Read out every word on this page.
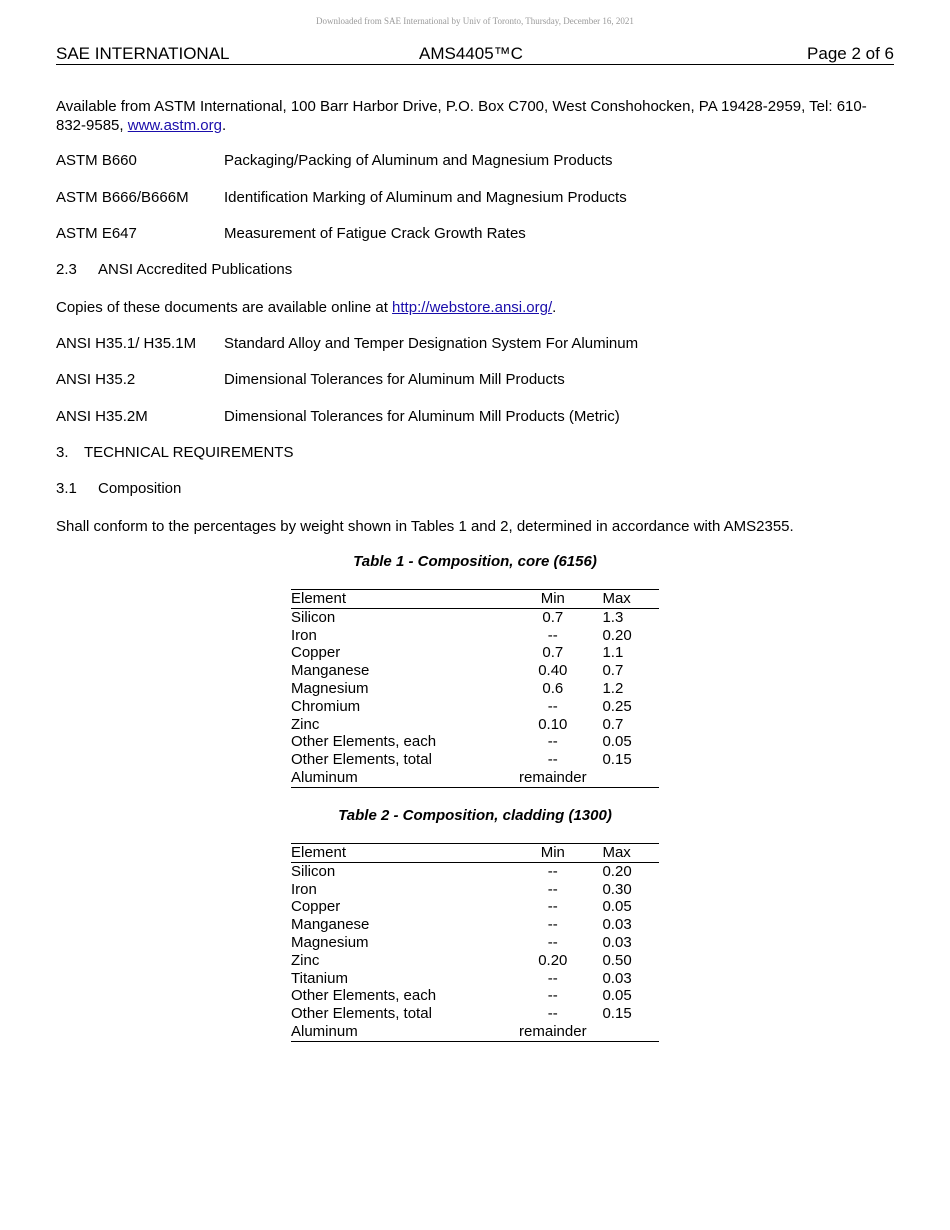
Downloaded from SAE International by Univ of Toronto, Thursday, December 16, 2021
SAE INTERNATIONAL	AMS4405™C	Page 2 of 6
Available from ASTM International, 100 Barr Harbor Drive, P.O. Box C700, West Conshohocken, PA 19428-2959, Tel: 610-832-9585, www.astm.org.
ASTM B660	Packaging/Packing of Aluminum and Magnesium Products
ASTM B666/B666M Identification Marking of Aluminum and Magnesium Products
ASTM E647	Measurement of Fatigue Crack Growth Rates
2.3 ANSI Accredited Publications
Copies of these documents are available online at http://webstore.ansi.org/.
ANSI H35.1/ H35.1M Standard Alloy and Temper Designation System For Aluminum
ANSI H35.2	Dimensional Tolerances for Aluminum Mill Products
ANSI H35.2M	Dimensional Tolerances for Aluminum Mill Products (Metric)
3. TECHNICAL REQUIREMENTS
3.1 Composition
Shall conform to the percentages by weight shown in Tables 1 and 2, determined in accordance with AMS2355.
Table 1 - Composition, core (6156)
Element	Min	Max
Silicon	0.7	1.3
Iron	--	0.20
Copper	0.7	1.1
Manganese	0.40	0.7
Magnesium	0.6	1.2
Chromium	--	0.25
Zinc	0.10	0.7
Other Elements, each	--	0.05
Other Elements, total	--	0.15
Aluminum	remainder	
Table 2 - Composition, cladding (1300)
Element	Min	Max
Silicon	--	0.20
Iron	--	0.30
Copper	--	0.05
Manganese	--	0.03
Magnesium	--	0.03
Zinc	0.20	0.50
Titanium	--	0.03
Other Elements, each	--	0.05
Other Elements, total	--	0.15
Aluminum	remainder	
